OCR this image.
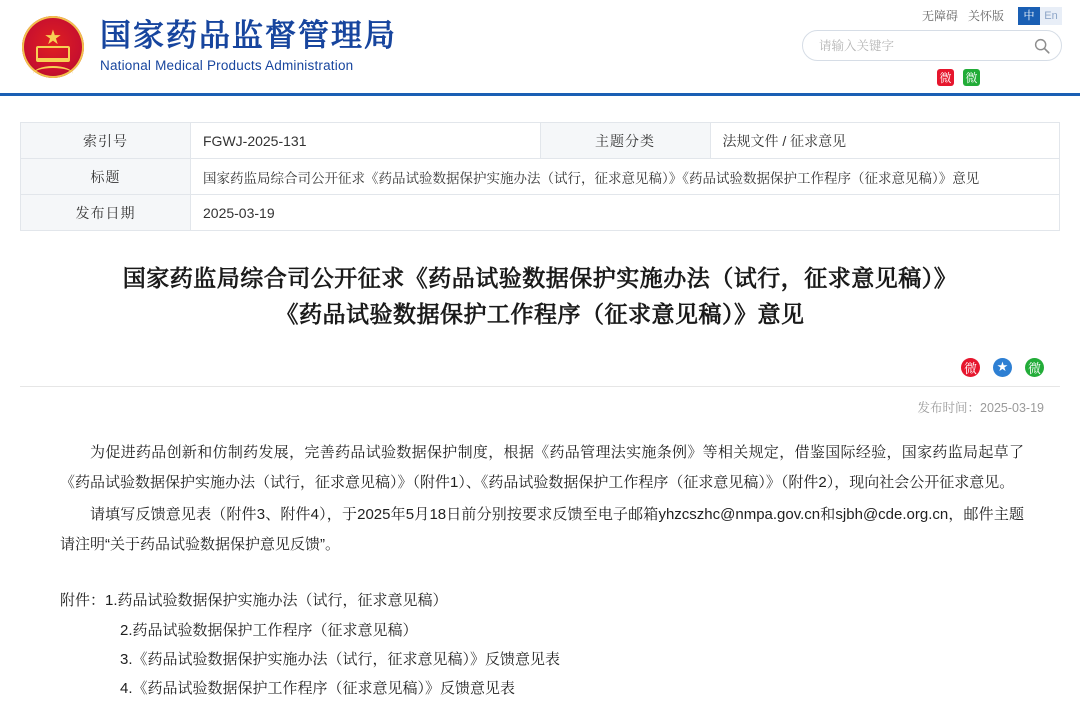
★ 国家药品监督管理局
National Medical Products Administration
无障碍 关怀版	中 En
请输入关键字
微 微 ☐ ✉ ☰
索引号	FGWJ-2025-131	主题分类	法规文件 / 征求意见
标题	国家药监局综合司公开征求《药品试验数据保护实施办法（试行，征求意见稿）》《药品试验数据保护工作程序（征求意见稿）》意见		
发布日期	2025-03-19		
国家药监局综合司公开征求《药品试验数据保护实施办法（试行，征求意见稿）》《药品试验数据保护工作程序（征求意见稿）》意见
⬇	⎙	微 ★ 微
发布时间：2025-03-19

为促进药品创新和仿制药发展，完善药品试验数据保护制度，根据《药品管理法实施条例》等相关规定，借鉴国际经验，国家药监局起草了《药品试验数据保护实施办法（试行，征求意见稿）》（附件1）、《药品试验数据保护工作程序（征求意见稿）》（附件2），现向社会公开征求意见。

请填写反馈意见表（附件3、附件4），于2025年5月18日前分别按要求反馈至电子邮箱yhzcszhc@nmpa.gov.cn和sjbh@cde.org.cn，邮件主题请注明“关于药品试验数据保护意见反馈”。

附件：1.药品试验数据保护实施办法（试行，征求意见稿）

2.药品试验数据保护工作程序（征求意见稿）

3.《药品试验数据保护实施办法（试行，征求意见稿）》反馈意见表

4.《药品试验数据保护工作程序（征求意见稿）》反馈意见表
